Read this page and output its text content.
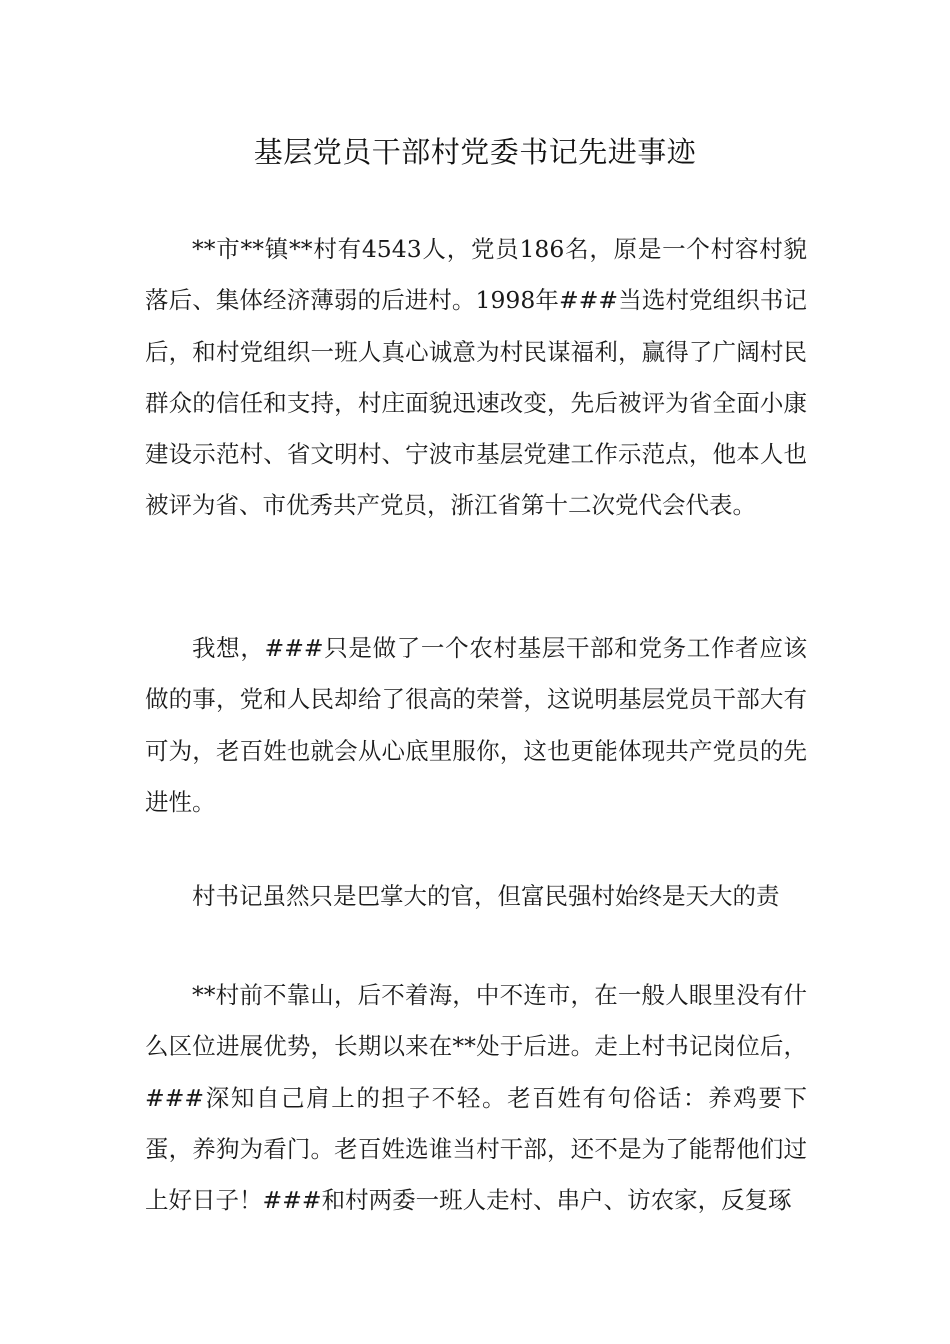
基层党员干部村党委书记先进事迹

**市**镇**村有4543人，党员186名，原是一个村容村貌落后、集体经济薄弱的后进村。1998年###当选村党组织书记后，和村党组织一班人真心诚意为村民谋福利，赢得了广阔村民群众的信任和支持，村庄面貌迅速改变，先后被评为省全面小康建设示范村、省文明村、宁波市基层党建工作示范点，他本人也被评为省、市优秀共产党员，浙江省第十二次党代会代表。

我想，###只是做了一个农村基层干部和党务工作者应该做的事，党和人民却给了很高的荣誉，这说明基层党员干部大有可为，老百姓也就会从心底里服你，这也更能体现共产党员的先进性。

村书记虽然只是巴掌大的官，但富民强村始终是天大的责

**村前不靠山，后不着海，中不连市，在一般人眼里没有什么区位进展优势，长期以来在**处于后进。走上村书记岗位后，###深知自己肩上的担子不轻。老百姓有句俗话：养鸡要下蛋，养狗为看门。老百姓选谁当村干部，还不是为了能帮他们过上好日子！###和村两委一班人走村、串户、访农家，反复琢
